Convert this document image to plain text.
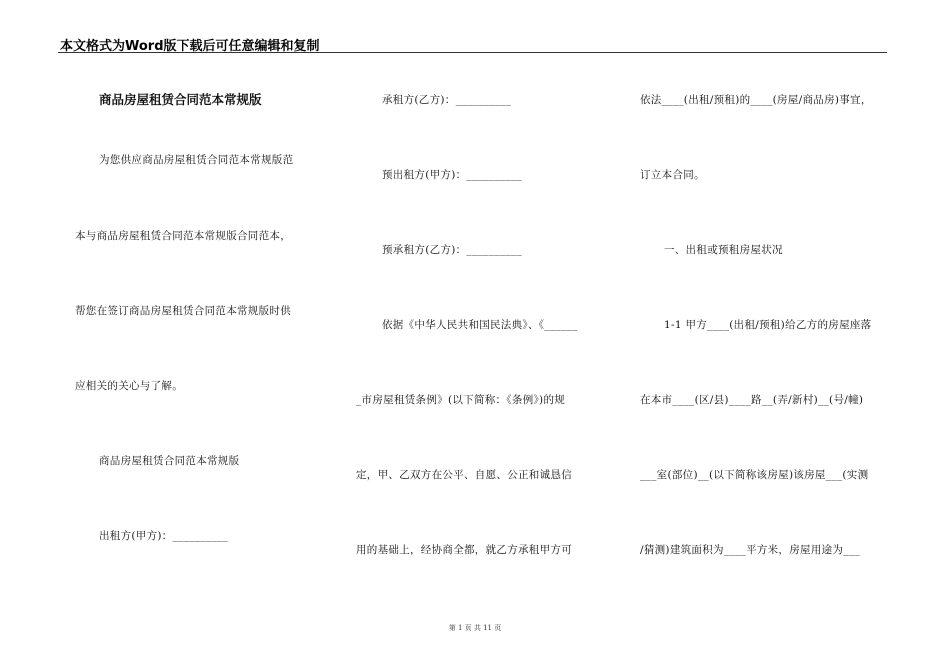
本文格式为Word版下载后可任意编辑和复制
商品房屋租赁合同范本常规版
为您供应商品房屋租赁合同范本常规版范
本与商品房屋租赁合同范本常规版合同范本，
帮您在签订商品房屋租赁合同范本常规版时供
应相关的关心与了解。
商品房屋租赁合同范本常规版
出租方(甲方)：__________
承租方(乙方)：__________
预出租方(甲方)：__________
预承租方(乙方)：__________
依据《中华人民共和国民法典》、《______
_市房屋租赁条例》(以下简称：《条例》)的规
定，甲、乙双方在公平、自愿、公正和诚恳信
用的基础上，经协商全都，就乙方承租甲方可
依法____(出租/预租)的____(房屋/商品房)事宜，
订立本合同。
一、出租或预租房屋状况
1-1 甲方____(出租/预租)给乙方的房屋座落
在本市____(区/县)____路__(弄/新村)__(号/幢)
___室(部位)__(以下简称该房屋)该房屋___(实测
/猜测)建筑面积为____平方米，房屋用途为___
第 1 页 共 11 页
